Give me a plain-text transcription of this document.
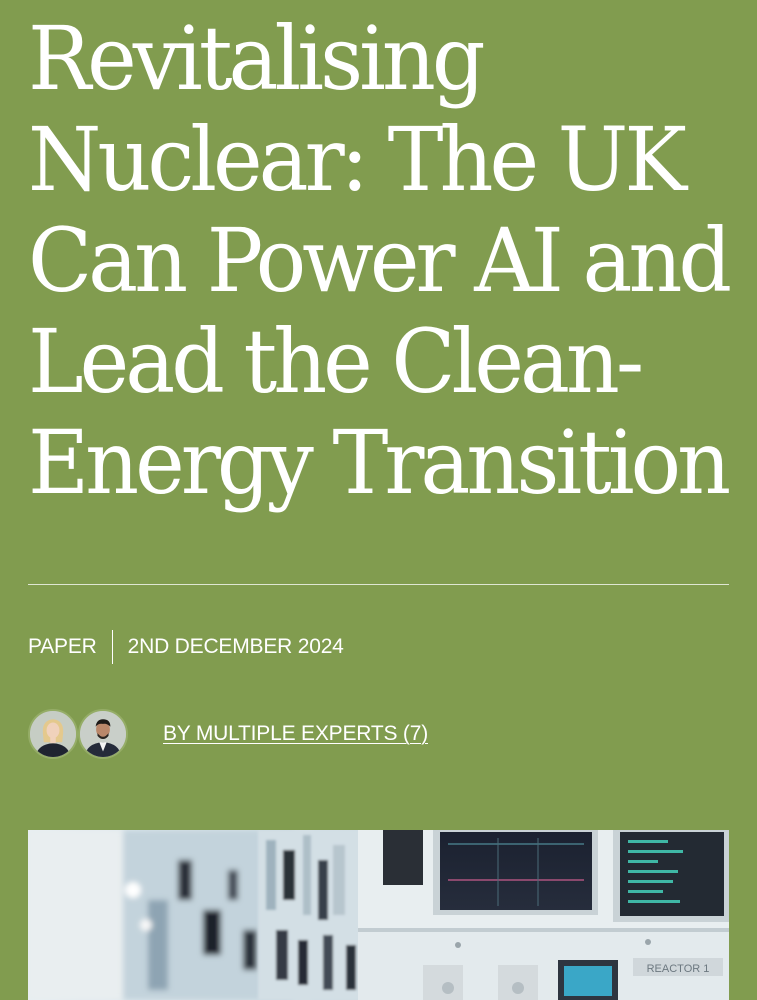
Revitalising
Nuclear: The UK
Can Power AI and
Lead the Clean-
Energy Transition
PAPER 2ND DECEMBER 2024
BY MULTIPLE EXPERTS (7)
REACTOR 1
